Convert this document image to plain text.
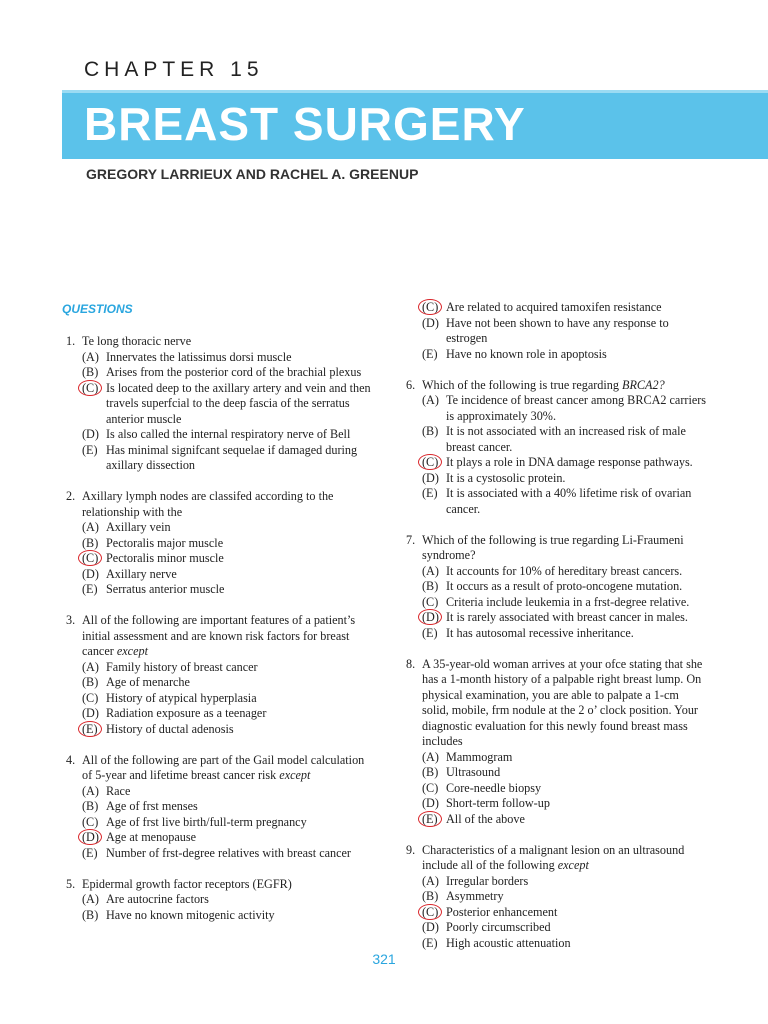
CHAPTER 15
BREAST SURGERY
GREGORY LARRIEUX AND RACHEL A. GREENUP
QUESTIONS
1. Te long thoracic nerve
(A) Innervates the latissimus dorsi muscle
(B) Arises from the posterior cord of the brachial plexus
(C) Is located deep to the axillary artery and vein and then travels superfcial to the deep fascia of the serratus anterior muscle
(D) Is also called the internal respiratory nerve of Bell
(E) Has minimal signifcant sequelae if damaged during axillary dissection
2. Axillary lymph nodes are classifed according to the relationship with the
(A) Axillary vein
(B) Pectoralis major muscle
(C) Pectoralis minor muscle
(D) Axillary nerve
(E) Serratus anterior muscle
3. All of the following are important features of a patient’s initial assessment and are known risk factors for breast cancer except
(A) Family history of breast cancer
(B) Age of menarche
(C) History of atypical hyperplasia
(D) Radiation exposure as a teenager
(E) History of ductal adenosis
4. All of the following are part of the Gail model calculation of 5-year and lifetime breast cancer risk except
(A) Race
(B) Age of frst menses
(C) Age of frst live birth/full-term pregnancy
(D) Age at menopause
(E) Number of frst-degree relatives with breast cancer
5. Epidermal growth factor receptors (EGFR)
(A) Are autocrine factors
(B) Have no known mitogenic activity
(C) Are related to acquired tamoxifen resistance
(D) Have not been shown to have any response to estrogen
(E) Have no known role in apoptosis
6. Which of the following is true regarding BRCA2?
(A) Te incidence of breast cancer among BRCA2 carriers is approximately 30%.
(B) It is not associated with an increased risk of male breast cancer.
(C) It plays a role in DNA damage response pathways.
(D) It is a cystosolic protein.
(E) It is associated with a 40% lifetime risk of ovarian cancer.
7. Which of the following is true regarding Li-Fraumeni syndrome?
(A) It accounts for 10% of hereditary breast cancers.
(B) It occurs as a result of proto-oncogene mutation.
(C) Criteria include leukemia in a frst-degree relative.
(D) It is rarely associated with breast cancer in males.
(E) It has autosomal recessive inheritance.
8. A 35-year-old woman arrives at your ofce stating that she has a 1-month history of a palpable right breast lump. On physical examination, you are able to palpate a 1-cm solid, mobile, frm nodule at the 2 o’ clock position. Your diagnostic evaluation for this newly found breast mass includes
(A) Mammogram
(B) Ultrasound
(C) Core-needle biopsy
(D) Short-term follow-up
(E) All of the above
9. Characteristics of a malignant lesion on an ultrasound include all of the following except
(A) Irregular borders
(B) Asymmetry
(C) Posterior enhancement
(D) Poorly circumscribed
(E) High acoustic attenuation
321
